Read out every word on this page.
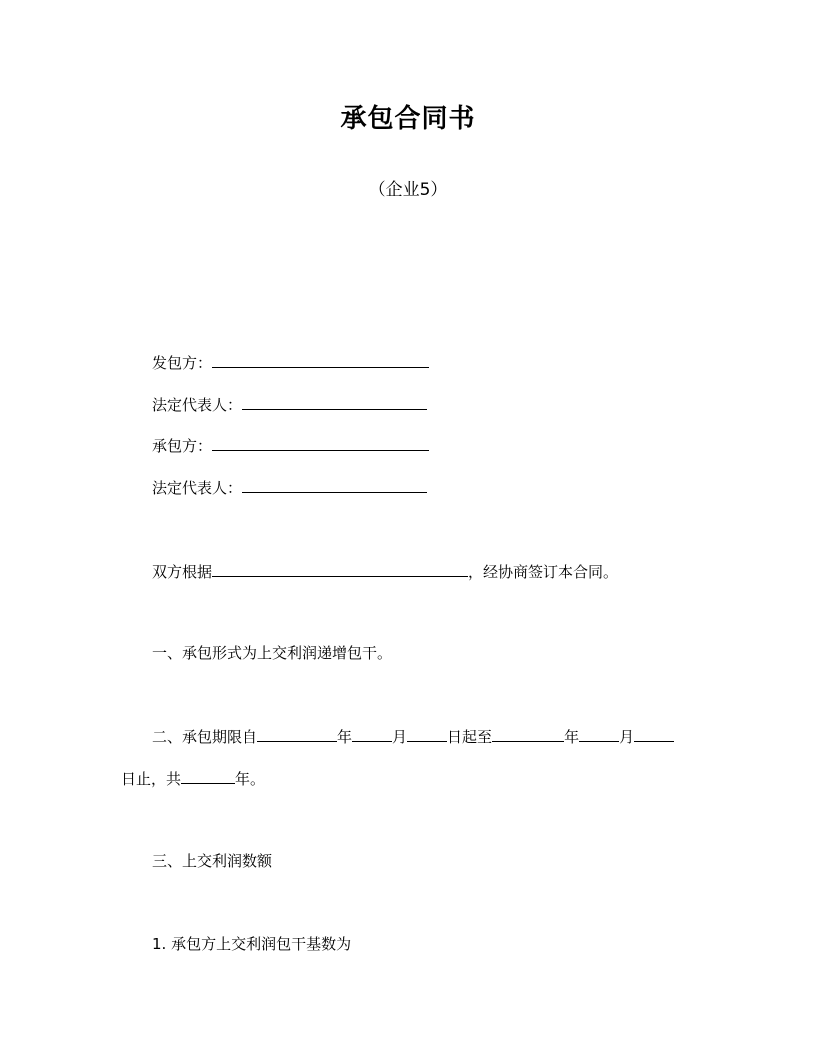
承包合同书
（企业5）
发包方：
法定代表人：
承包方：
法定代表人：
双方根据	，经协商签订本合同。
一、承包形式为上交利润递增包干。
二、承包期限自	年	月	日起至	年	月
日止，共	年。
三、上交利润数额
1. 承包方上交利润包干基数为
